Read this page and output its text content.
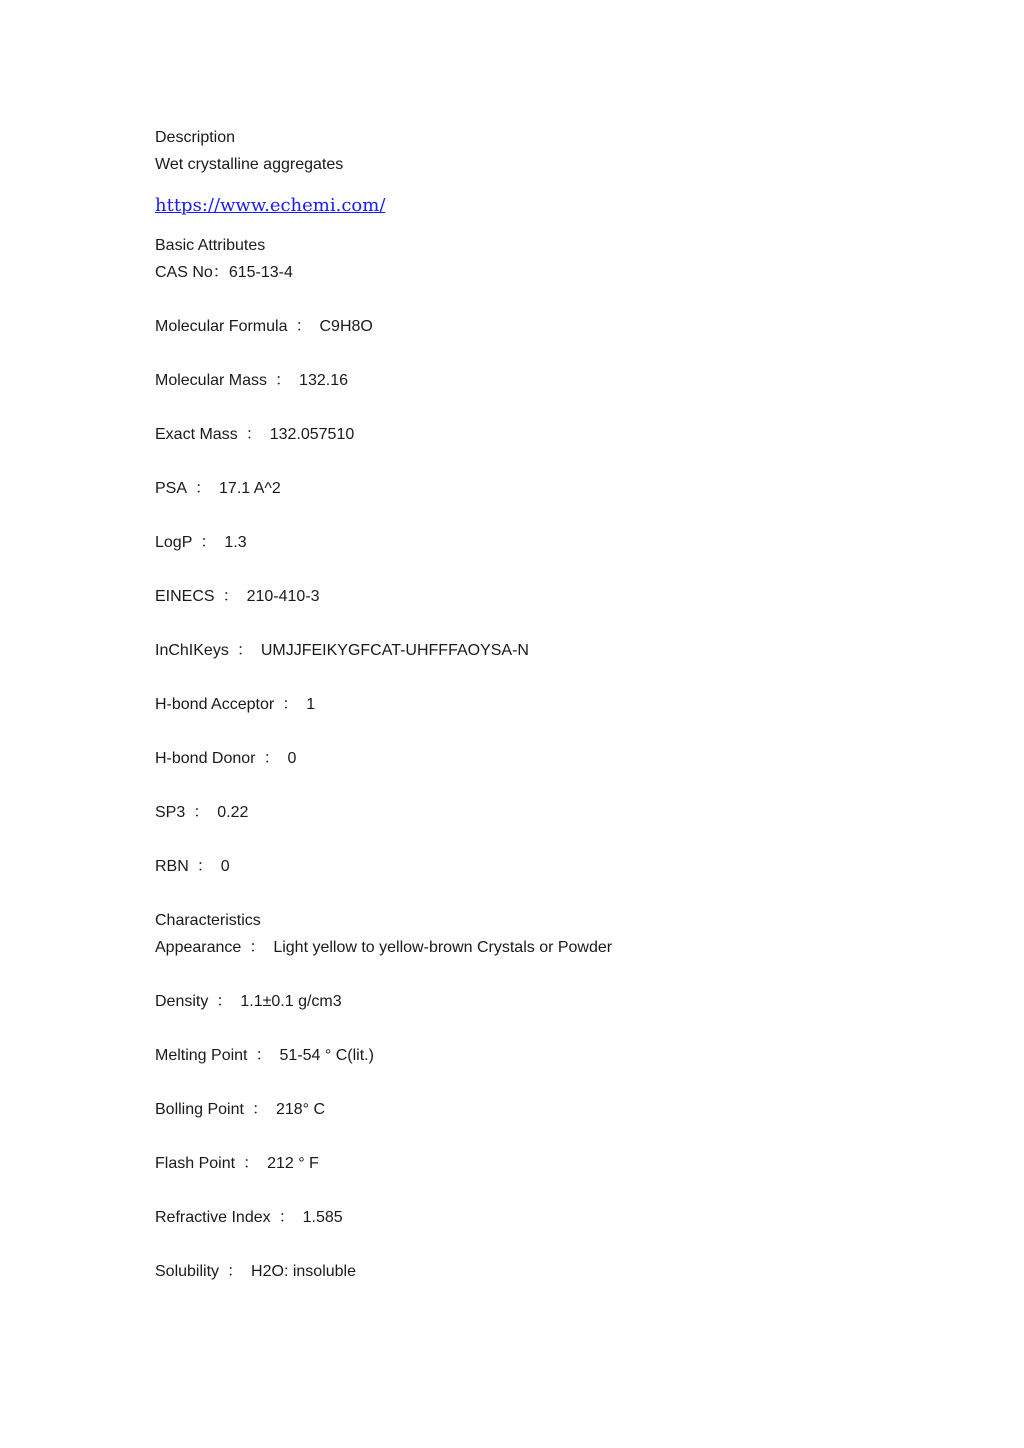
Description
Wet crystalline aggregates
https://www.echemi.com/
Basic Attributes
CAS No：615-13-4
Molecular Formula ： C9H8O
Molecular Mass ： 132.16
Exact Mass ： 132.057510
PSA ： 17.1 A^2
LogP ： 1.3
EINECS ： 210-410-3
InChIKeys ： UMJJFEIKYGFCAT-UHFFFAOYSA-N
H-bond Acceptor ： 1
H-bond Donor ： 0
SP3 ： 0.22
RBN ： 0
Characteristics
Appearance ： Light yellow to yellow-brown Crystals or Powder
Density ： 1.1±0.1 g/cm3
Melting Point ： 51-54 ° C(lit.)
Bolling Point ： 218° C
Flash Point ： 212 ° F
Refractive Index ： 1.585
Solubility ： H2O: insoluble
